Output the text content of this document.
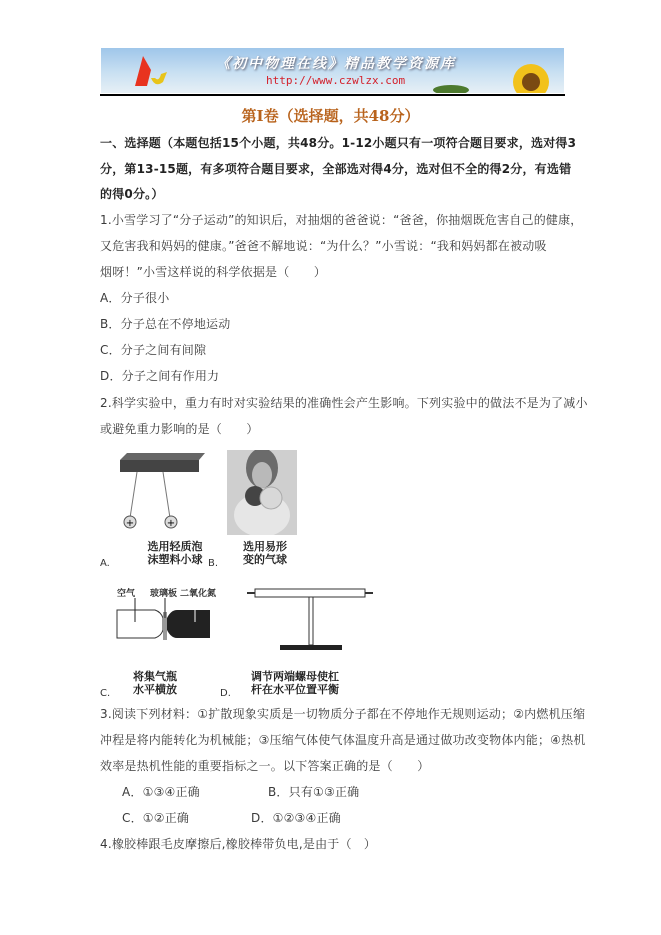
《初中物理在线》精品教学资源库
http://www.czwlzx.com
第Ⅰ卷（选择题，共48分）
一、选择题（本题包括15个小题，共48分。1-12小题只有一项符合题目要求，选对得3
分，第13-15题，有多项符合题目要求，全部选对得4分，选对但不全的得2分，有选错
的得0分。）
1.小雪学习了“分子运动”的知识后，对抽烟的爸爸说：“爸爸，你抽烟既危害自己的健康，
又危害我和妈妈的健康。”爸爸不解地说：“为什么？”小雪说：“我和妈妈都在被动吸
烟呀！”小雪这样说的科学依据是（　　）
A．分子很小
B．分子总在不停地运动
C．分子之间有间隙
D．分子之间有作用力
2.科学实验中，重力有时对实验结果的准确性会产生影响。下列实验中的做法不是为了减小
或避免重力影响的是（　　）
+	+
选用轻质泡
沫塑料小球
A.
选用易形
变的气球
B.
空气 玻璃板 二氧化氮
将集气瓶
水平横放
C.
调节两端螺母使杠
杆在水平位置平衡
D.
3.阅读下列材料：①扩散现象实质是一切物质分子都在不停地作无规则运动；②内燃机压缩
冲程是将内能转化为机械能；③压缩气体使气体温度升高是通过做功改变物体内能；④热机
效率是热机性能的重要指标之一。以下答案正确的是（　　）
A．①③④正确	B．只有①③正确
C．①②正确	D．①②③④正确
4.橡胶棒跟毛皮摩擦后,橡胶棒带负电,是由于（　）
